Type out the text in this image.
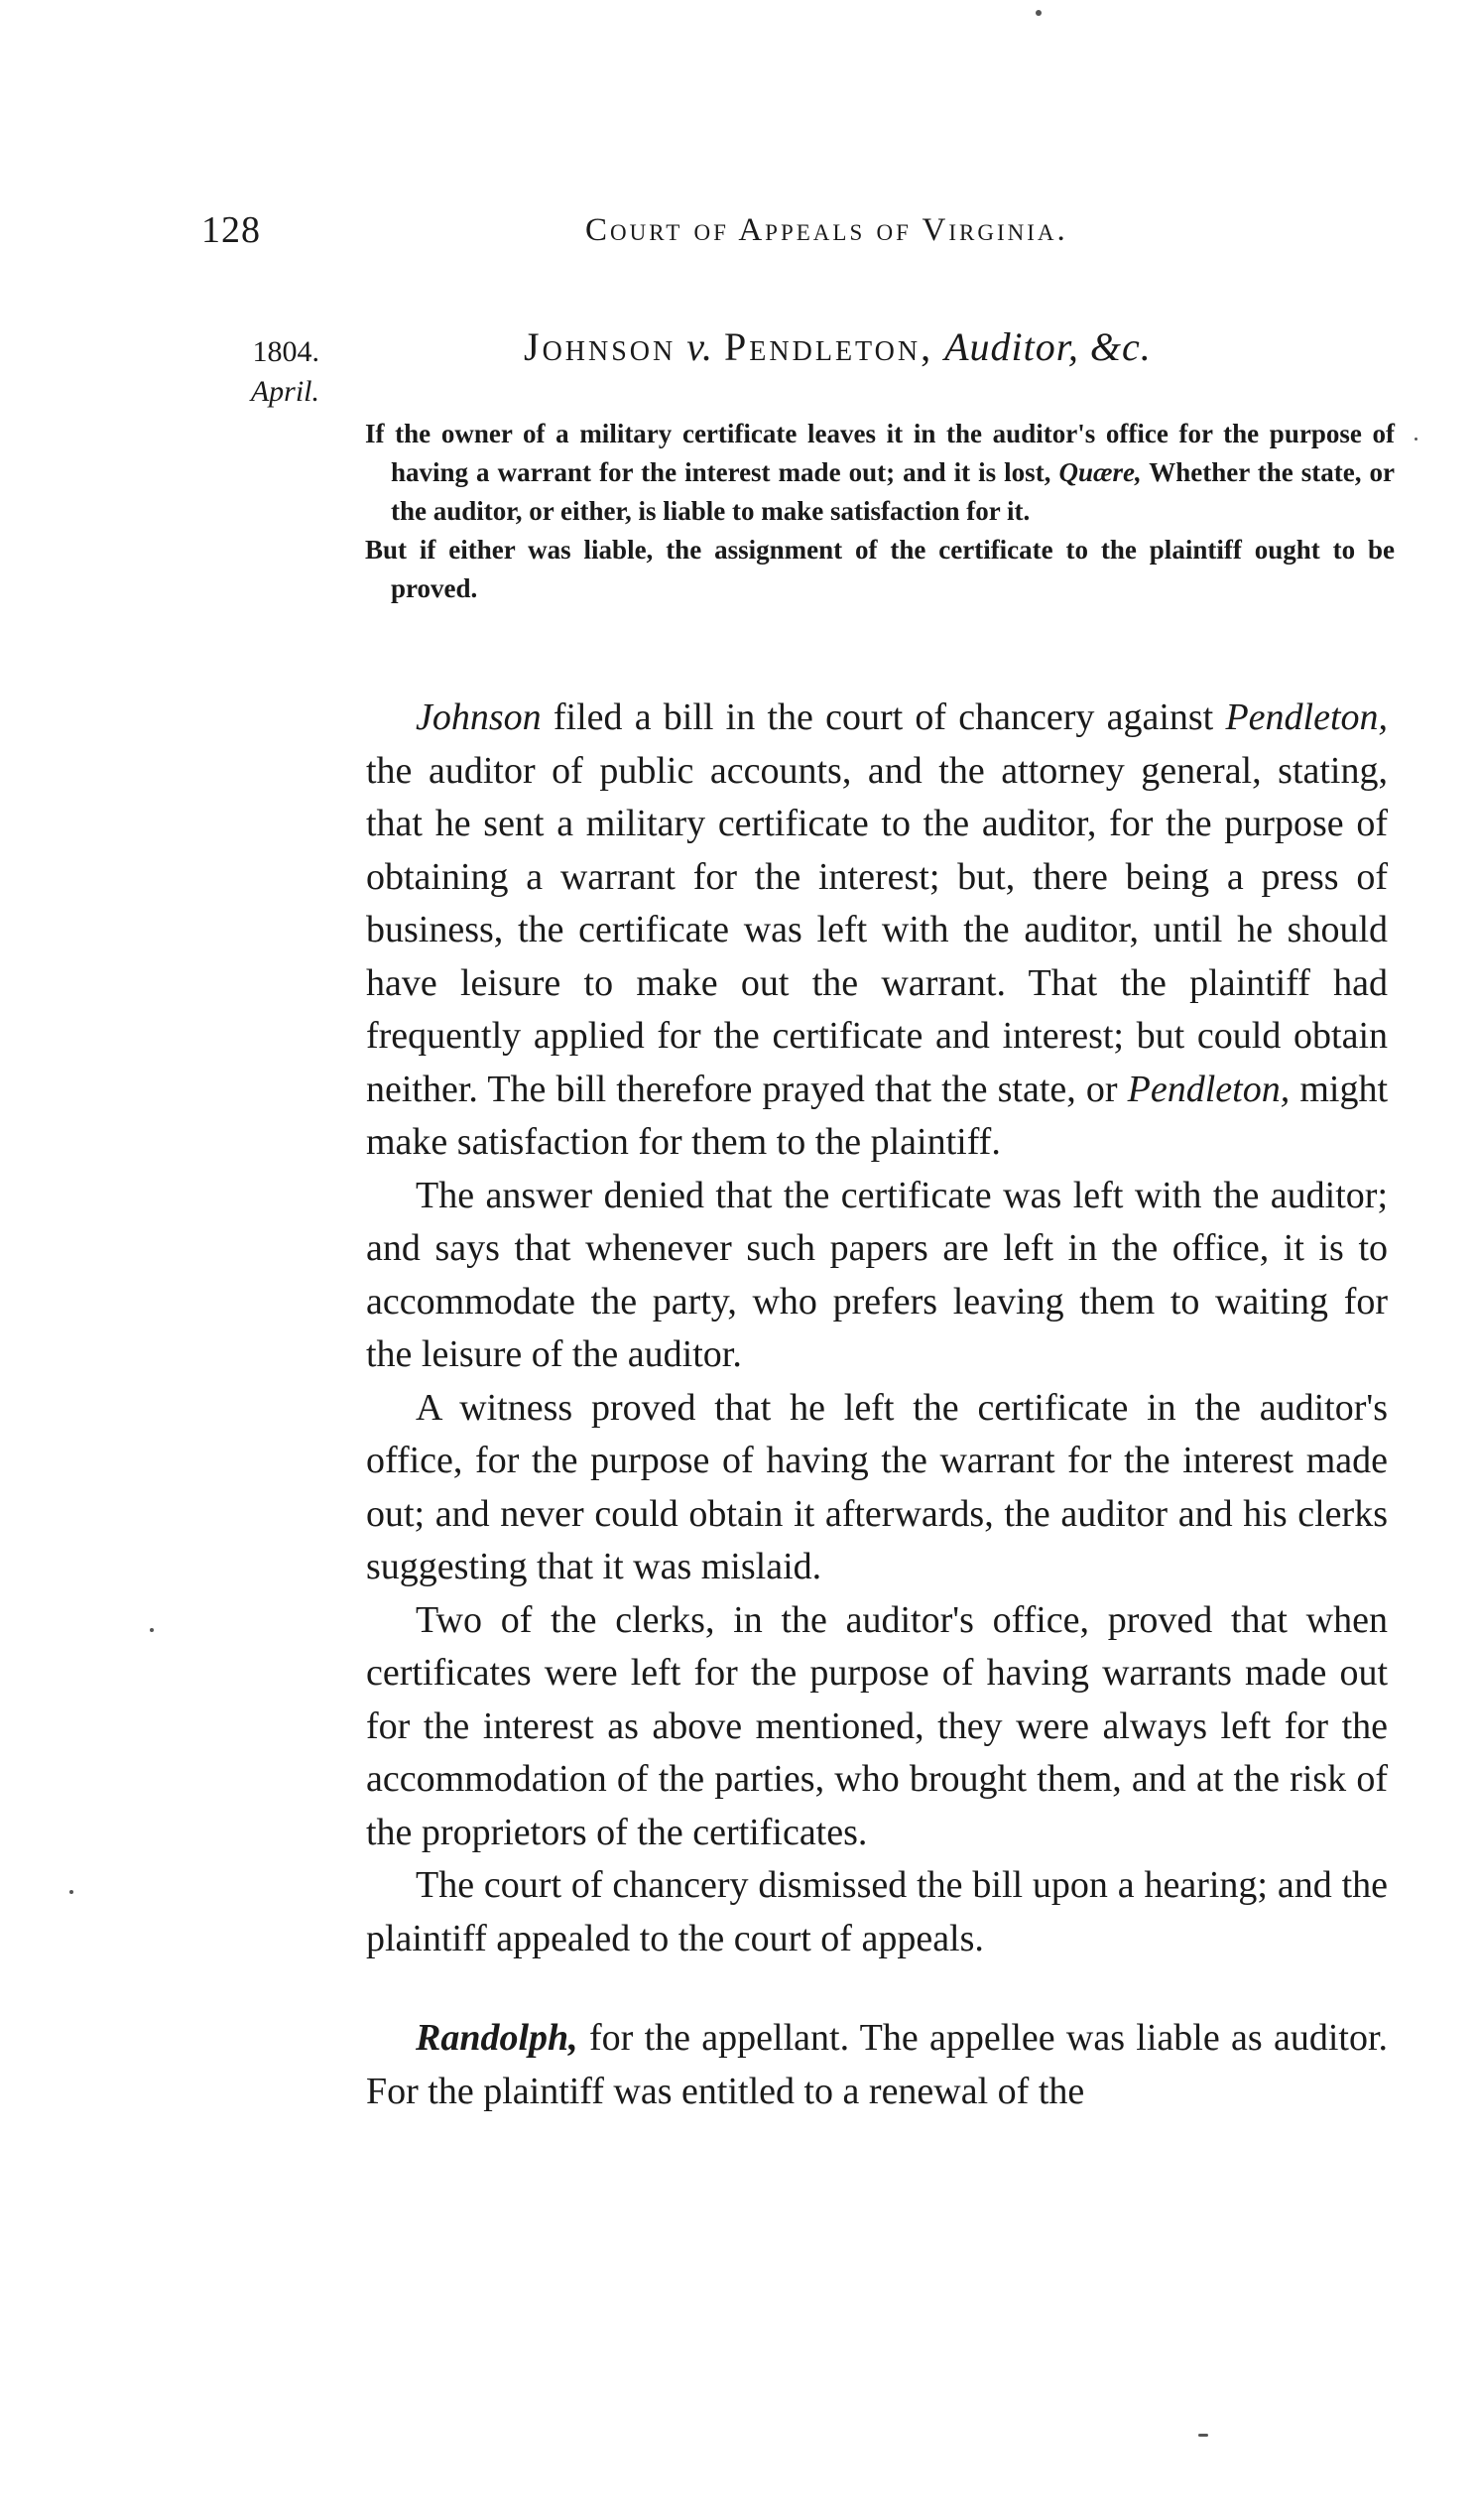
128	Court of Appeals of Virginia.
1804.
April.
Johnson v. Pendleton, Auditor, &c.

If the owner of a military certificate leaves it in the auditor's office for the purpose of having a warrant for the interest made out; and it is lost, Quære, Whether the state, or the auditor, or either, is liable to make satisfaction for it.

But if either was liable, the assignment of the certificate to the plaintiff ought to be proved.

Johnson filed a bill in the court of chancery against Pendleton, the auditor of public accounts, and the attorney general, stating, that he sent a military certificate to the auditor, for the purpose of obtaining a warrant for the interest; but, there being a press of business, the certificate was left with the auditor, until he should have leisure to make out the warrant. That the plaintiff had frequently applied for the certificate and interest; but could obtain neither. The bill therefore prayed that the state, or Pendleton, might make satisfaction for them to the plaintiff.

The answer denied that the certificate was left with the auditor; and says that whenever such papers are left in the office, it is to accommodate the party, who prefers leaving them to waiting for the leisure of the auditor.

A witness proved that he left the certificate in the auditor's office, for the purpose of having the warrant for the interest made out; and never could obtain it afterwards, the auditor and his clerks suggesting that it was mislaid.

Two of the clerks, in the auditor's office, proved that when certificates were left for the purpose of having warrants made out for the interest as above mentioned, they were always left for the accommodation of the parties, who brought them, and at the risk of the proprietors of the certificates.

The court of chancery dismissed the bill upon a hearing; and the plaintiff appealed to the court of appeals.

Randolph, for the appellant. The appellee was liable as auditor. For the plaintiff was entitled to a renewal of the
